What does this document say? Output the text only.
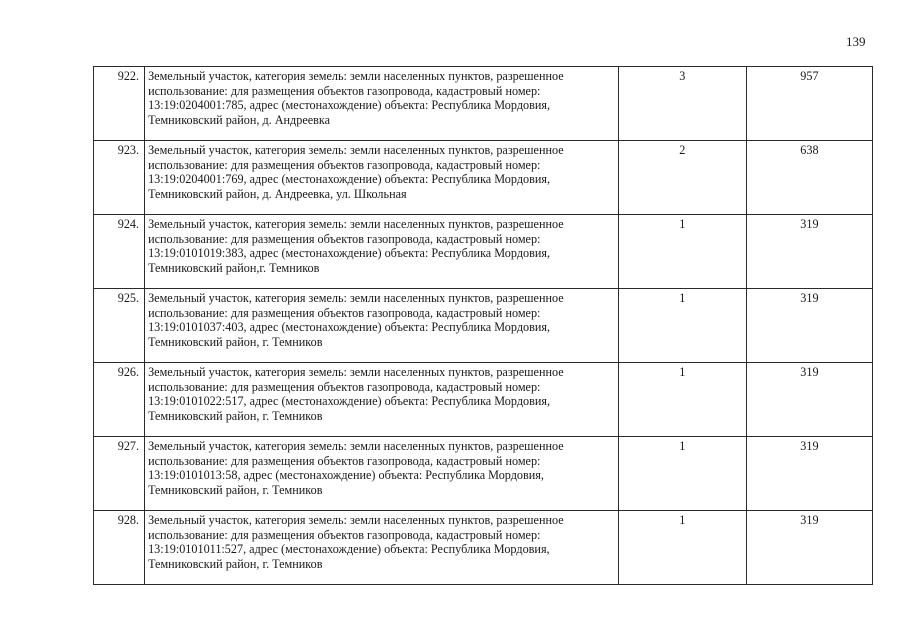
139
922.	Земельный участок, категория земель: земли населенных пунктов, разрешенное
использование: для размещения объектов газопровода, кадастровый номер:
13:19:0204001:785, адрес (местонахождение) объекта: Республика Мордовия,
Темниковский район, д. Андреевка	3	957
923.	Земельный участок, категория земель: земли населенных пунктов, разрешенное
использование: для размещения объектов газопровода, кадастровый номер:
13:19:0204001:769, адрес (местонахождение) объекта: Республика Мордовия,
Темниковский район, д. Андреевка, ул. Школьная	2	638
924.	Земельный участок, категория земель: земли населенных пунктов, разрешенное
использование: для размещения объектов газопровода, кадастровый номер:
13:19:0101019:383, адрес (местонахождение) объекта: Республика Мордовия,
Темниковский район,г. Темников	1	319
925.	Земельный участок, категория земель: земли населенных пунктов, разрешенное
использование: для размещения объектов газопровода, кадастровый номер:
13:19:0101037:403, адрес (местонахождение) объекта: Республика Мордовия,
Темниковский район, г. Темников	1	319
926.	Земельный участок, категория земель: земли населенных пунктов, разрешенное
использование: для размещения объектов газопровода, кадастровый номер:
13:19:0101022:517, адрес (местонахождение) объекта: Республика Мордовия,
Темниковский район, г. Темников	1	319
927.	Земельный участок, категория земель: земли населенных пунктов, разрешенное
использование: для размещения объектов газопровода, кадастровый номер:
13:19:0101013:58, адрес (местонахождение) объекта: Республика Мордовия,
Темниковский район, г. Темников	1	319
928.	Земельный участок, категория земель: земли населенных пунктов, разрешенное
использование: для размещения объектов газопровода, кадастровый номер:
13:19:0101011:527, адрес (местонахождение) объекта: Республика Мордовия,
Темниковский район, г. Темников	1	319
